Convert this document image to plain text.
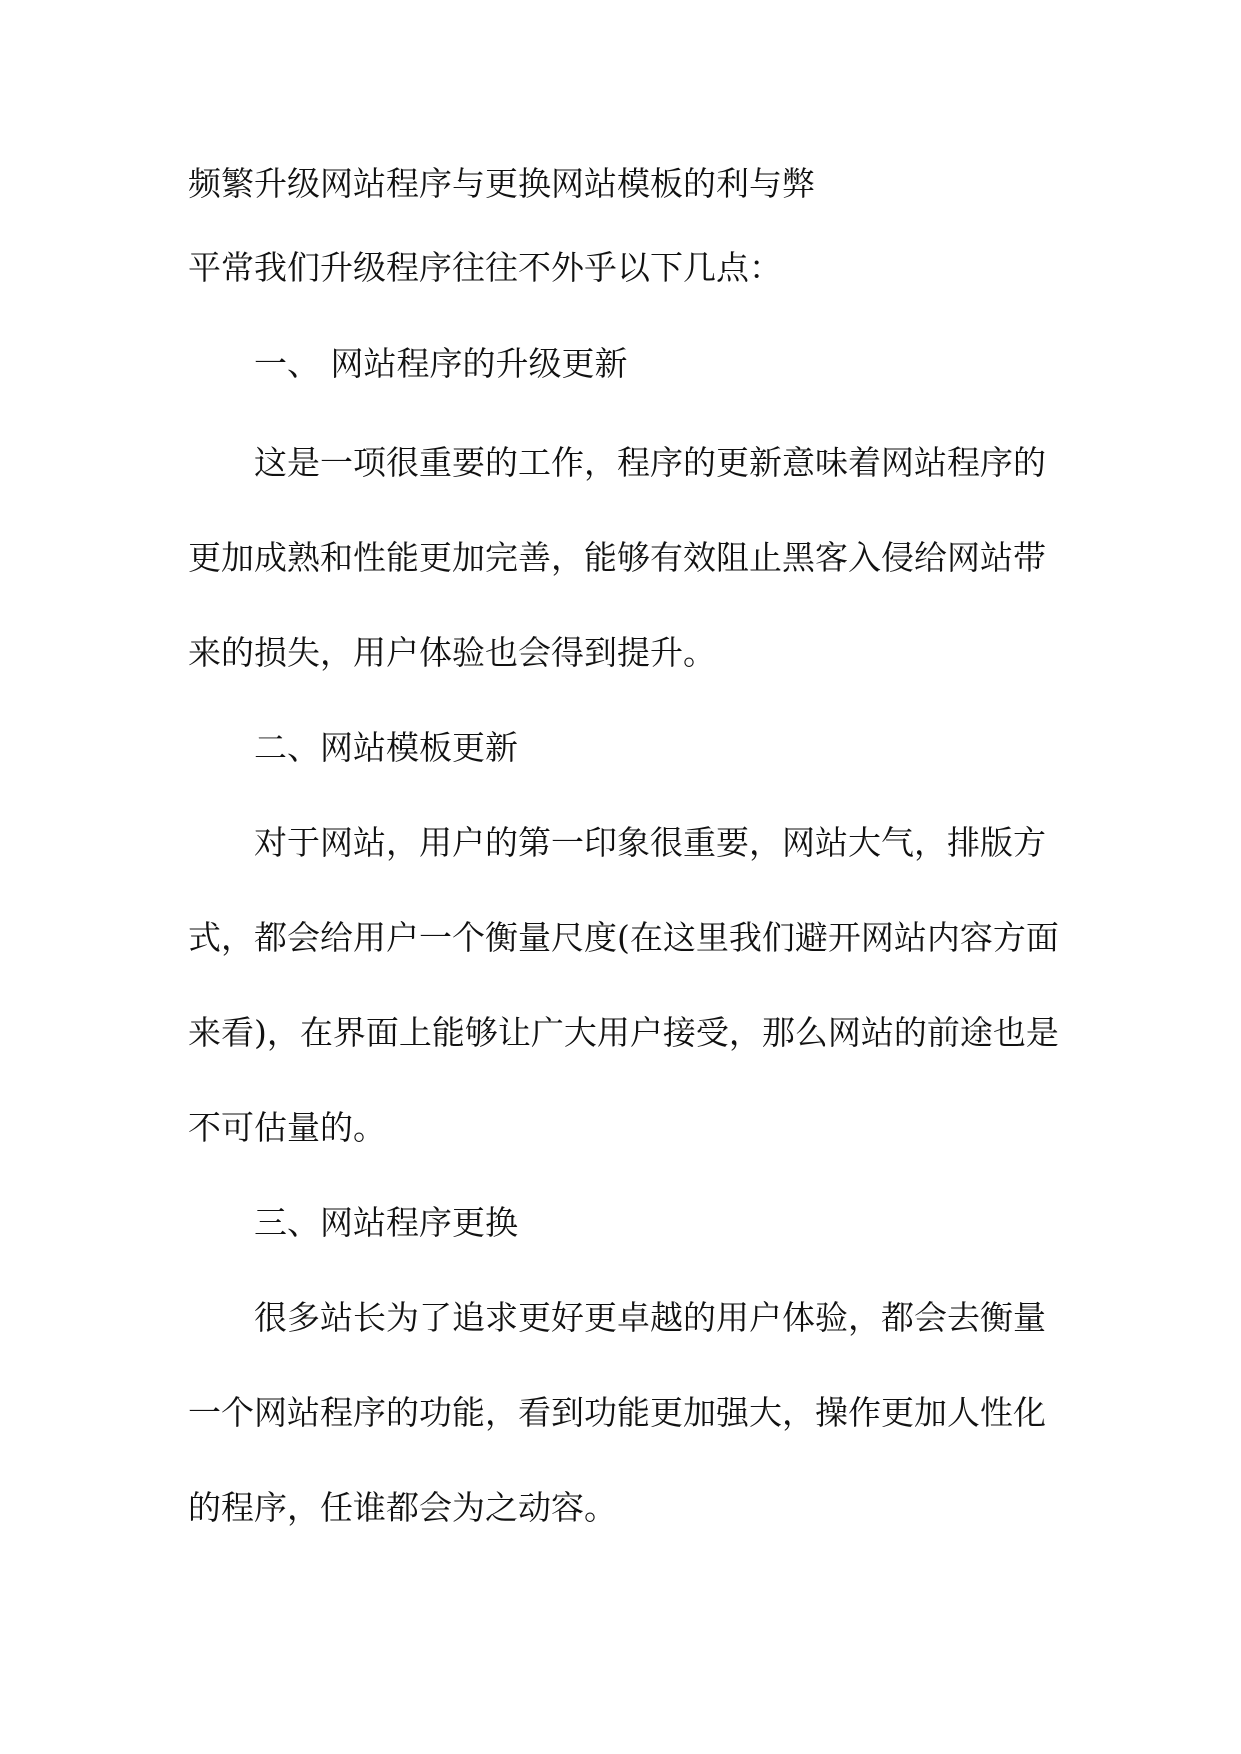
频繁升级网站程序与更换网站模板的利与弊
平常我们升级程序往往不外乎以下几点：
一、 网站程序的升级更新
这是一项很重要的工作，程序的更新意味着网站程序的
更加成熟和性能更加完善，能够有效阻止黑客入侵给网站带
来的损失，用户体验也会得到提升。
二、网站模板更新
对于网站，用户的第一印象很重要，网站大气，排版方
式，都会给用户一个衡量尺度(在这里我们避开网站内容方面
来看)，在界面上能够让广大用户接受，那么网站的前途也是
不可估量的。
三、网站程序更换
很多站长为了追求更好更卓越的用户体验，都会去衡量
一个网站程序的功能，看到功能更加强大，操作更加人性化
的程序，任谁都会为之动容。
